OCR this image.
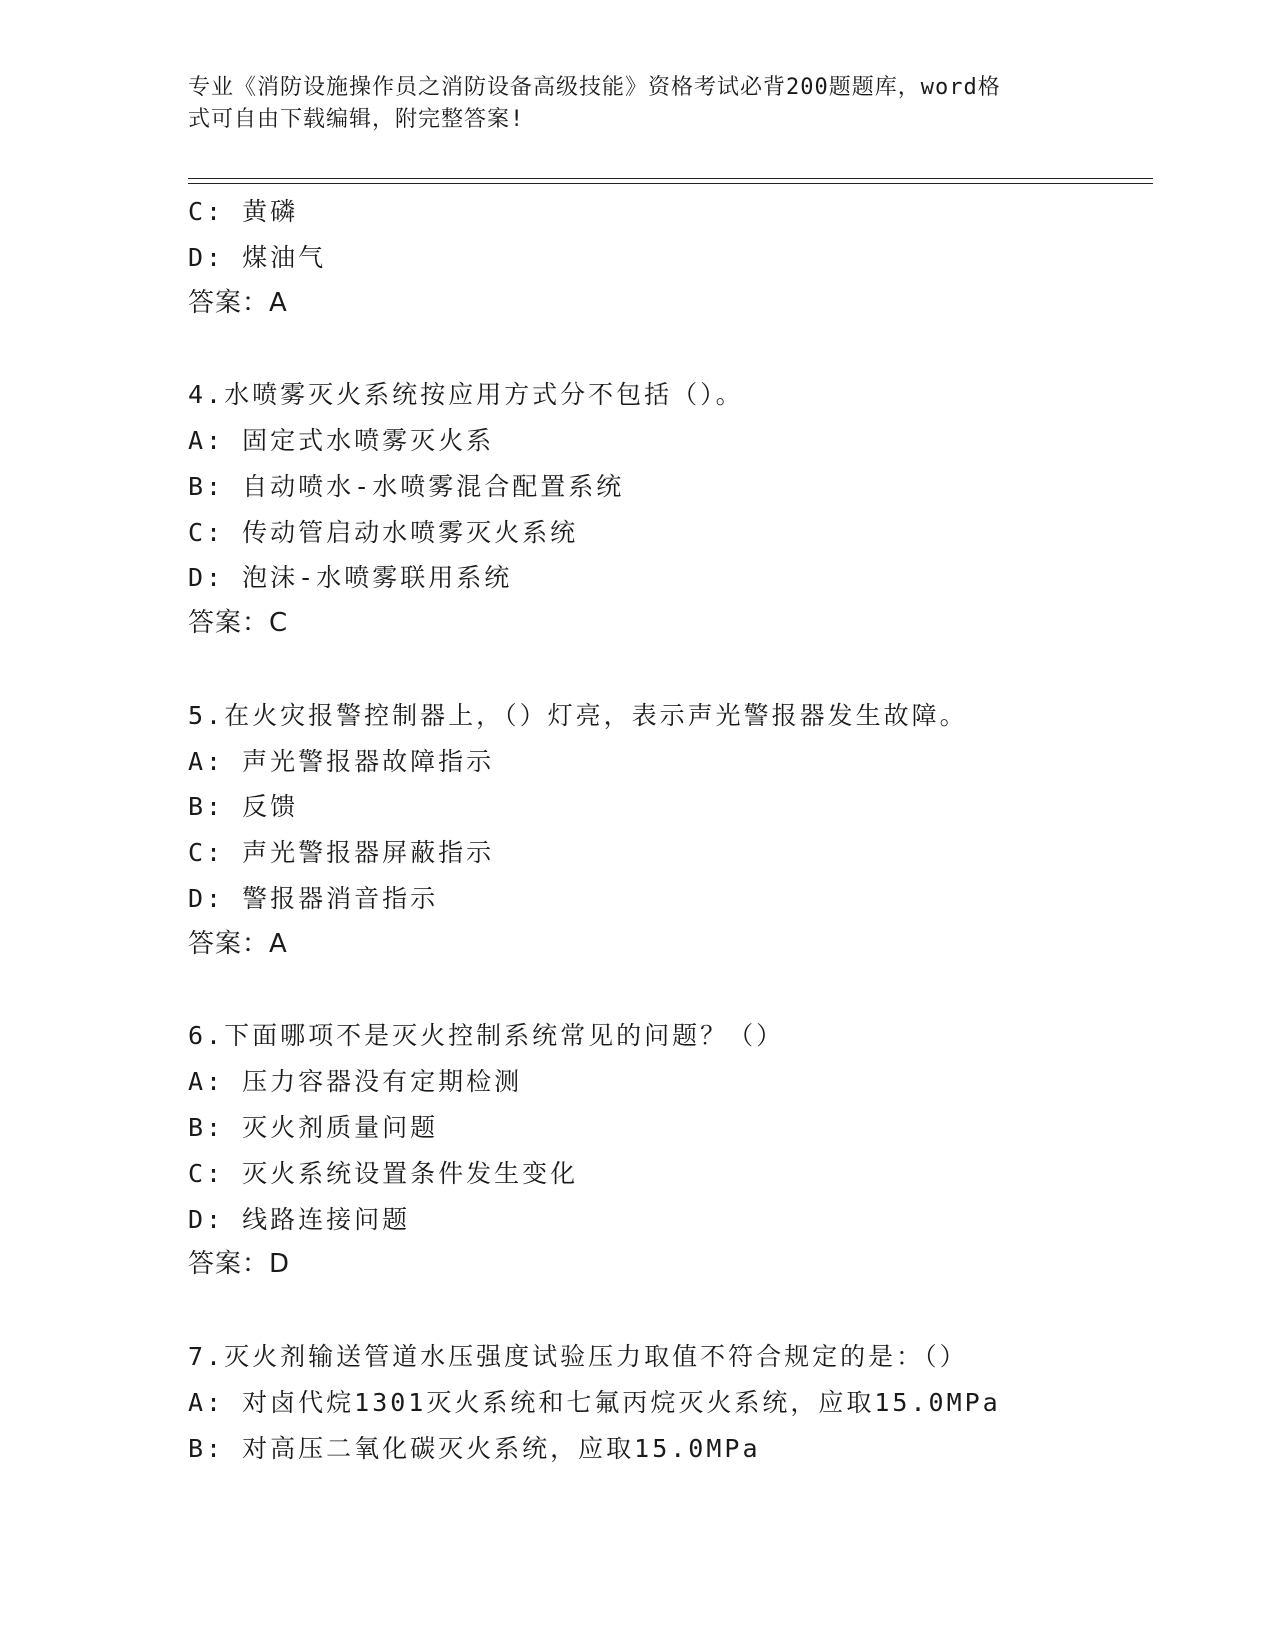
专业《消防设施操作员之消防设备高级技能》资格考试必背200题题库，word格
式可自由下载编辑，附完整答案!
C: 黄磷
D: 煤油气
答案：A
4.水喷雾灭火系统按应用方式分不包括（）。
A: 固定式水喷雾灭火系
B: 自动喷水-水喷雾混合配置系统
C: 传动管启动水喷雾灭火系统
D: 泡沫-水喷雾联用系统
答案：C
5.在火灾报警控制器上，（）灯亮，表示声光警报器发生故障。
A: 声光警报器故障指示
B: 反馈
C: 声光警报器屏蔽指示
D: 警报器消音指示
答案：A
6.下面哪项不是灭火控制系统常见的问题？（）
A: 压力容器没有定期检测
B: 灭火剂质量问题
C: 灭火系统设置条件发生变化
D: 线路连接问题
答案：D
7.灭火剂输送管道水压强度试验压力取值不符合规定的是：（）
A: 对卤代烷1301灭火系统和七氟丙烷灭火系统，应取15.0MPa
B: 对高压二氧化碳灭火系统，应取15.0MPa
